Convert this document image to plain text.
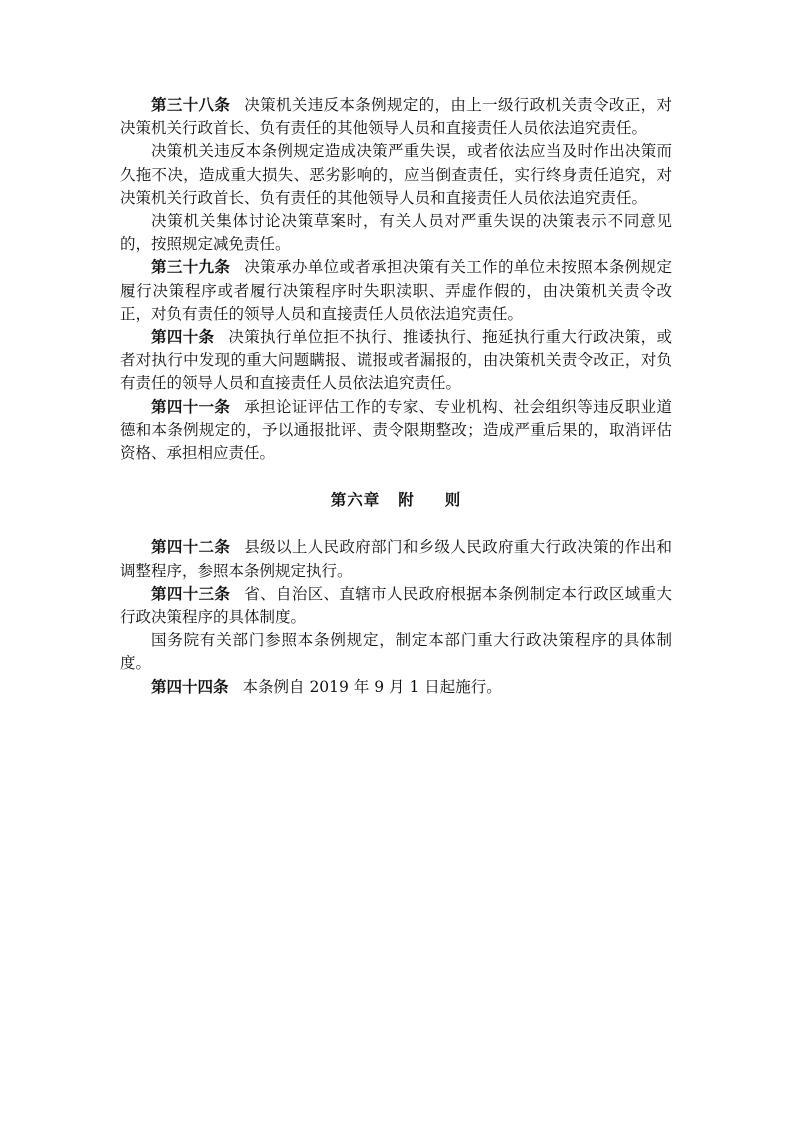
第三十八条 决策机关违反本条例规定的，由上一级行政机关责令改正，对决策机关行政首长、负有责任的其他领导人员和直接责任人员依法追究责任。

决策机关违反本条例规定造成决策严重失误，或者依法应当及时作出决策而久拖不决，造成重大损失、恶劣影响的，应当倒查责任，实行终身责任追究，对决策机关行政首长、负有责任的其他领导人员和直接责任人员依法追究责任。

决策机关集体讨论决策草案时，有关人员对严重失误的决策表示不同意见的，按照规定减免责任。

第三十九条 决策承办单位或者承担决策有关工作的单位未按照本条例规定履行决策程序或者履行决策程序时失职渎职、弄虚作假的，由决策机关责令改正，对负有责任的领导人员和直接责任人员依法追究责任。

第四十条 决策执行单位拒不执行、推诿执行、拖延执行重大行政决策，或者对执行中发现的重大问题瞒报、谎报或者漏报的，由决策机关责令改正，对负有责任的领导人员和直接责任人员依法追究责任。

第四十一条 承担论证评估工作的专家、专业机构、社会组织等违反职业道德和本条例规定的，予以通报批评、责令限期整改；造成严重后果的，取消评估资格、承担相应责任。

第六章 附 则

第四十二条 县级以上人民政府部门和乡级人民政府重大行政决策的作出和调整程序，参照本条例规定执行。

第四十三条 省、自治区、直辖市人民政府根据本条例制定本行政区域重大行政决策程序的具体制度。

国务院有关部门参照本条例规定，制定本部门重大行政决策程序的具体制度。

第四十四条 本条例自 2019 年 9 月 1 日起施行。
